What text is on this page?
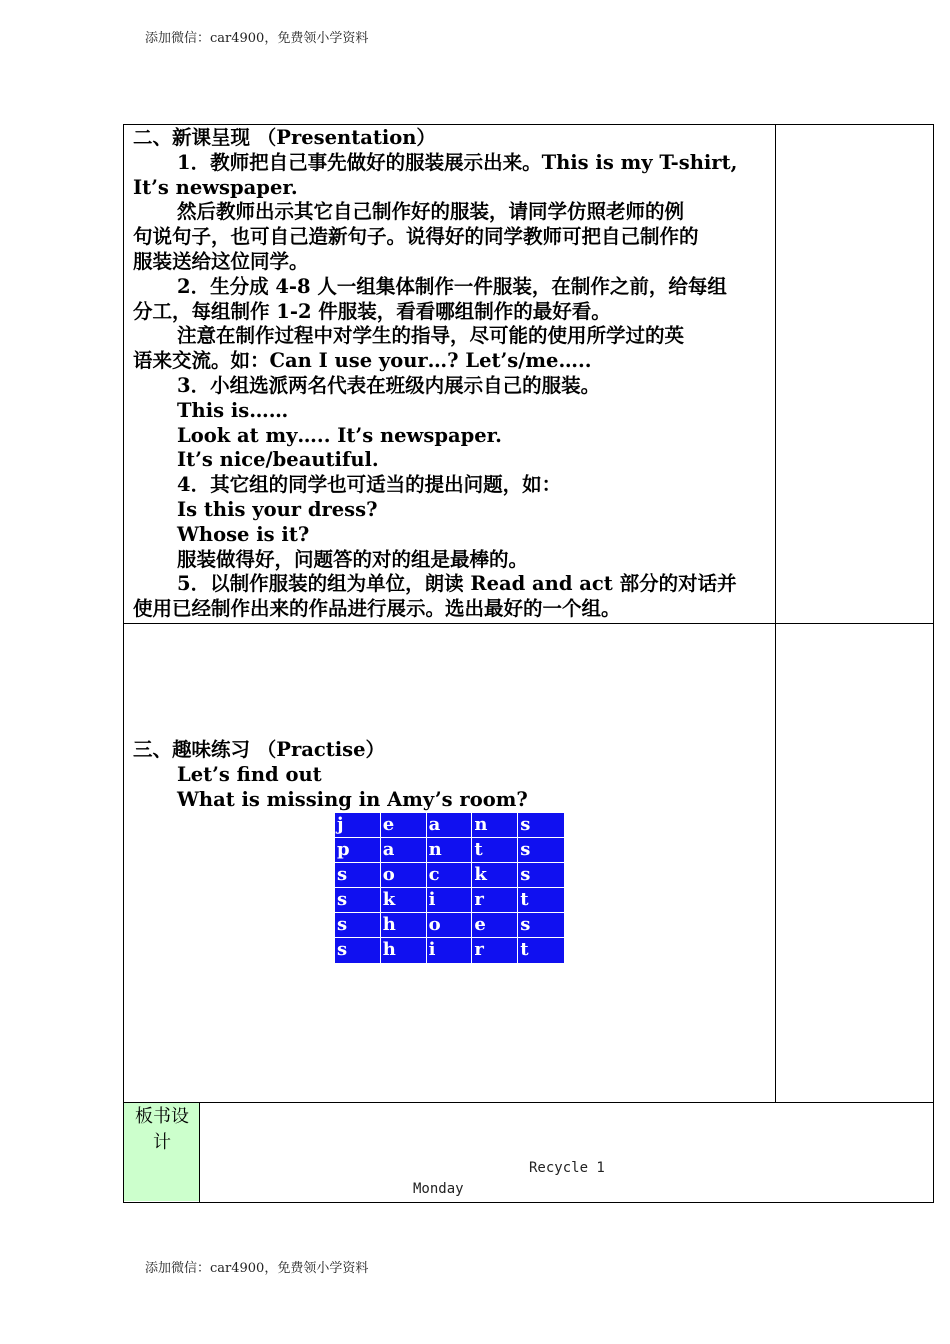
添加微信：car4900，免费领小学资料

二、新课呈现 （Presentation）

1．教师把自己事先做好的服装展示出来。This is my T-shirt,

It’s newspaper.

然后教师出示其它自己制作好的服装，请同学仿照老师的例

句说句子，也可自己造新句子。说得好的同学教师可把自己制作的

服装送给这位同学。

2．生分成 4-8 人一组集体制作一件服装，在制作之前，给每组

分工，每组制作 1-2 件服装，看看哪组制作的最好看。

注意在制作过程中对学生的指导，尽可能的使用所学过的英

语来交流。如：Can I use your…? Let’s/me…..

3．小组选派两名代表在班级内展示自己的服装。

This is……

Look at my….. It’s newspaper.

It’s nice/beautiful.

4．其它组的同学也可适当的提出问题，如：

Is this your dress?

Whose is it?

服装做得好，问题答的对的组是最棒的。

5．以制作服装的组为单位，朗读 Read and act 部分的对话并

使用已经制作出来的作品进行展示。选出最好的一个组。

三、趣味练习 （Practise）

Let’s find out

What is missing in Amy’s room?

j	e	a	n	s
p	a	n	t	s
s	o	c	k	s
s	k	i	r	t
s	h	o	e	s
s	h	i	r	t
板书设计
Recycle 1
Monday
添加微信：car4900，免费领小学资料
